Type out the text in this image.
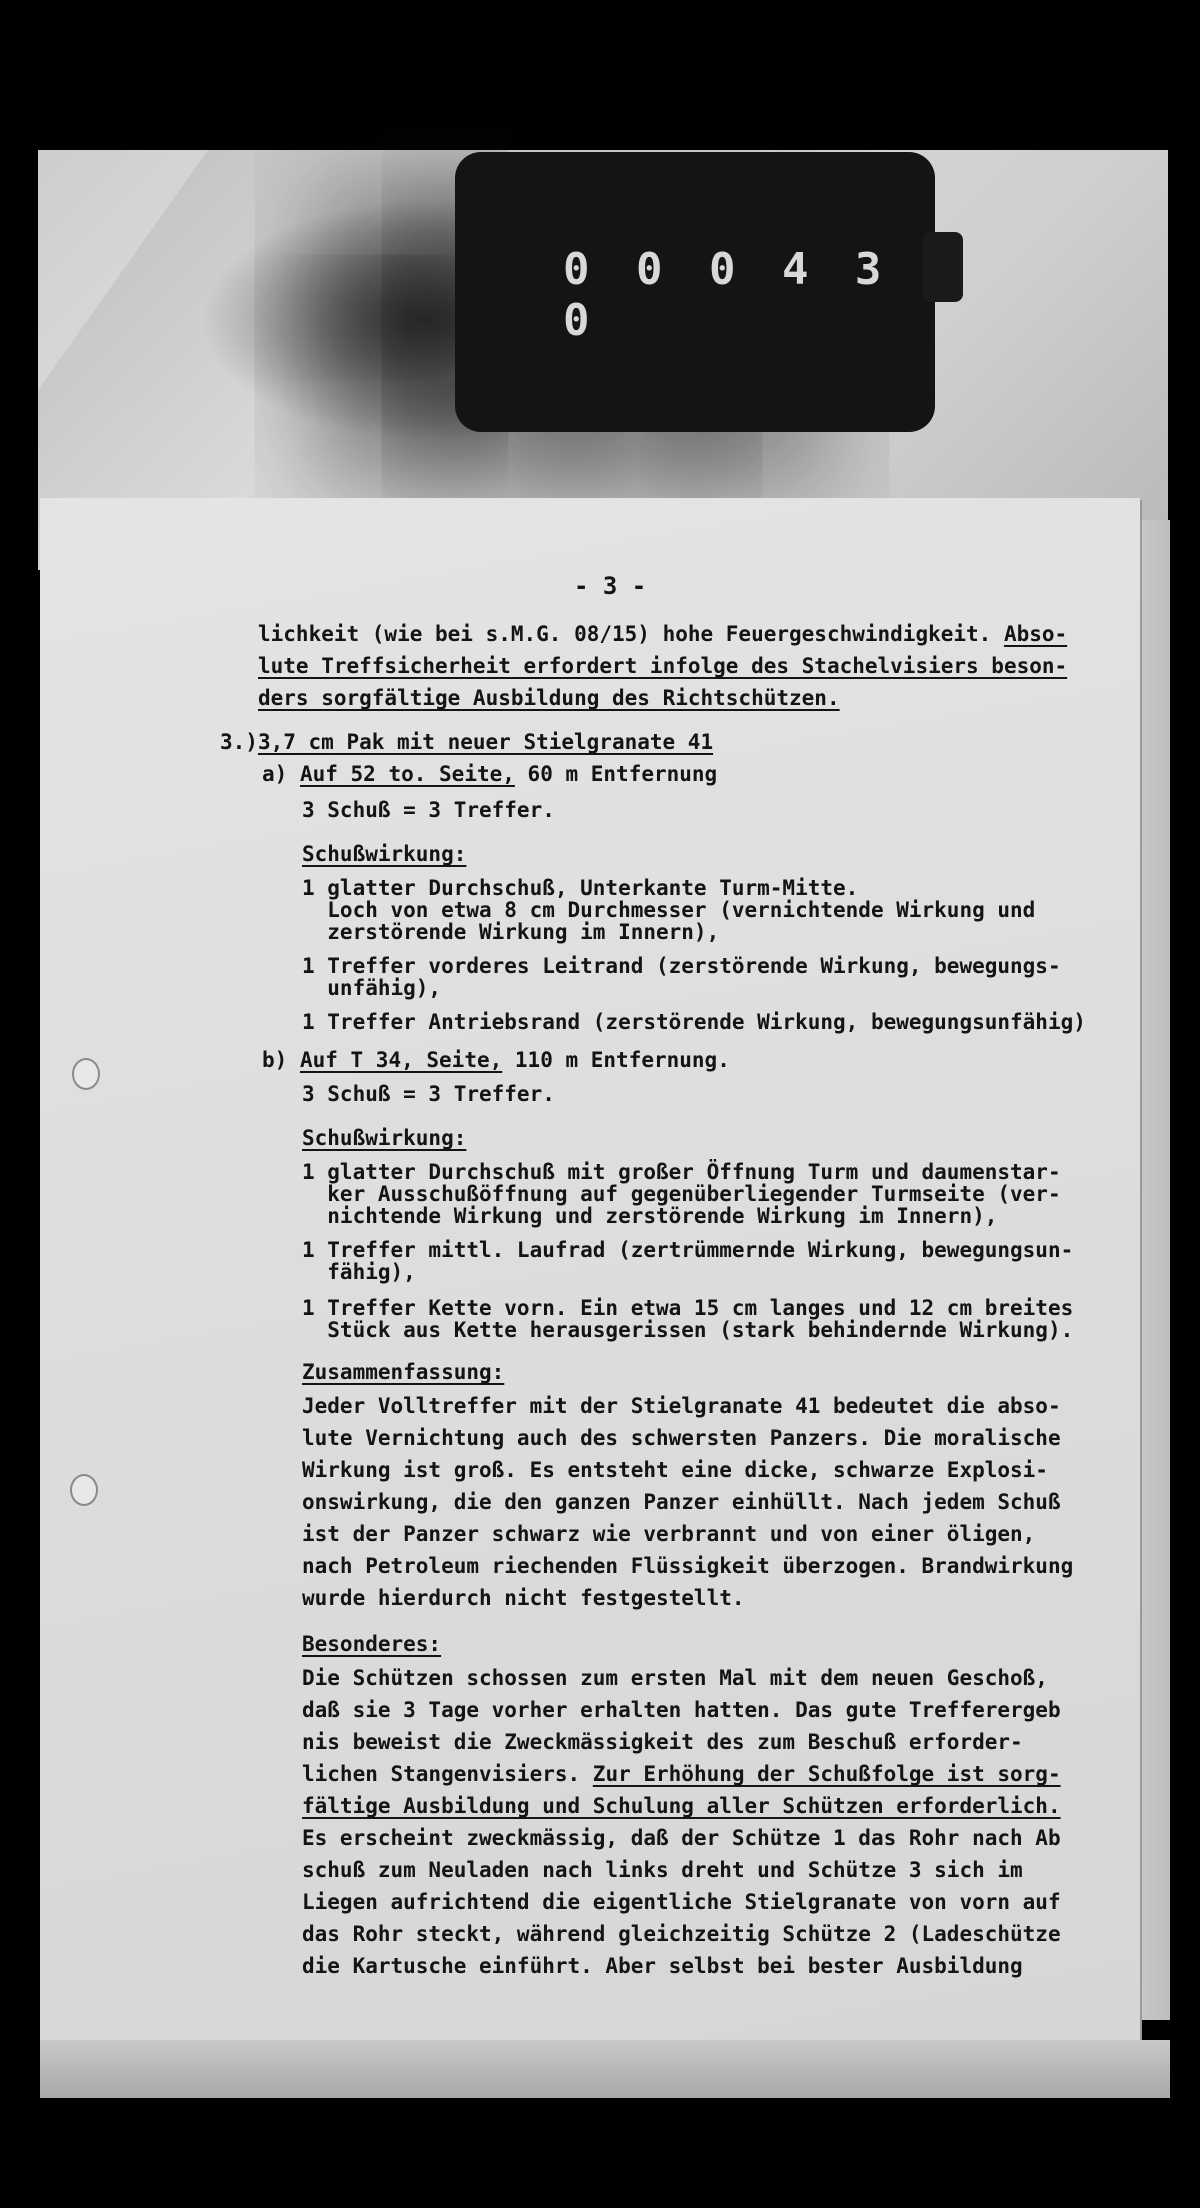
0 0 0 4 3 0
- 3 -
lichkeit (wie bei s.M.G. 08/15) hohe Feuergeschwindigkeit. Abso-
lute Treffsicherheit erfordert infolge des Stachelvisiers beson-
ders sorgfältige Ausbildung des Richtschützen.
3.)3,7 cm Pak mit neuer Stielgranate 41
a) Auf 52 to. Seite, 60 m Entfernung
3 Schuß = 3 Treffer.
Schußwirkung:
1 glatter Durchschuß, Unterkante Turm-Mitte.
Loch von etwa 8 cm Durchmesser (vernichtende Wirkung und
zerstörende Wirkung im Innern),
1 Treffer vorderes Leitrand (zerstörende Wirkung, bewegungs-
unfähig),
1 Treffer Antriebsrand (zerstörende Wirkung, bewegungsunfähig)
b) Auf T 34, Seite, 110 m Entfernung.
3 Schuß = 3 Treffer.
Schußwirkung:
1 glatter Durchschuß mit großer Öffnung Turm und daumenstar-
ker Ausschußöffnung auf gegenüberliegender Turmseite (ver-
nichtende Wirkung und zerstörende Wirkung im Innern),
1 Treffer mittl. Laufrad (zertrümmernde Wirkung, bewegungsun-
fähig),
1 Treffer Kette vorn. Ein etwa 15 cm langes und 12 cm breites
Stück aus Kette herausgerissen (stark behindernde Wirkung).
Zusammenfassung:
Jeder Volltreffer mit der Stielgranate 41 bedeutet die abso-
lute Vernichtung auch des schwersten Panzers. Die moralische
Wirkung ist groß. Es entsteht eine dicke, schwarze Explosi-
onswirkung, die den ganzen Panzer einhüllt. Nach jedem Schuß
ist der Panzer schwarz wie verbrannt und von einer öligen,
nach Petroleum riechenden Flüssigkeit überzogen. Brandwirkung
wurde hierdurch nicht festgestellt.
Besonderes:
Die Schützen schossen zum ersten Mal mit dem neuen Geschoß,
daß sie 3 Tage vorher erhalten hatten. Das gute Trefferergeb
nis beweist die Zweckmässigkeit des zum Beschuß erforder-
lichen Stangenvisiers. Zur Erhöhung der Schußfolge ist sorg-
fältige Ausbildung und Schulung aller Schützen erforderlich.
Es erscheint zweckmässig, daß der Schütze 1 das Rohr nach Ab
schuß zum Neuladen nach links dreht und Schütze 3 sich im
Liegen aufrichtend die eigentliche Stielgranate von vorn auf
das Rohr steckt, während gleichzeitig Schütze 2 (Ladeschütze
die Kartusche einführt. Aber selbst bei bester Ausbildung
